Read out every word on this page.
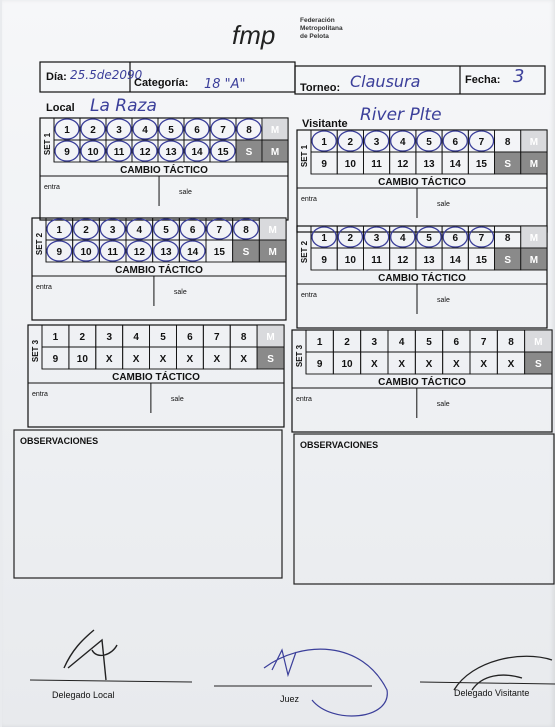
fmp	Federación
Metropolitana
de Pelota
Día: 25.5de2090
Categoría: 18 "A"	Torneo: Clausura	Fecha: 3
Local La Raza
Visitante River Plte
SET 1
1 2 3 4 5 6 7 8 M
9 10 11 12 13 14 15 S M
CAMBIO TÁCTICO
entra
sale
SET 1
1 2 3 4 5 6 7 8 M
9 10 11 12 13 14 15 S M
CAMBIO TÁCTICO
entra
sale
SET 2
1 2 3 4 5 6 7 8 M
9 10 11 12 13 14 15 S M
CAMBIO TÁCTICO
entra
sale
SET 2
1 2 3 4 5 6 7 8 M
9 10 11 12 13 14 15 S M
CAMBIO TÁCTICO
entra
sale
SET 3
1 2 3 4 5 6 7 8 M
9 10 X X X X X X S
CAMBIO TÁCTICO
entra
sale
SET 3
1 2 3 4 5 6 7 8 M
9 10 X X X X X X S
CAMBIO TÁCTICO
entra
sale
OBSERVACIONES	OBSERVACIONES
Delegado Local	Juez
Delegado Visitante
